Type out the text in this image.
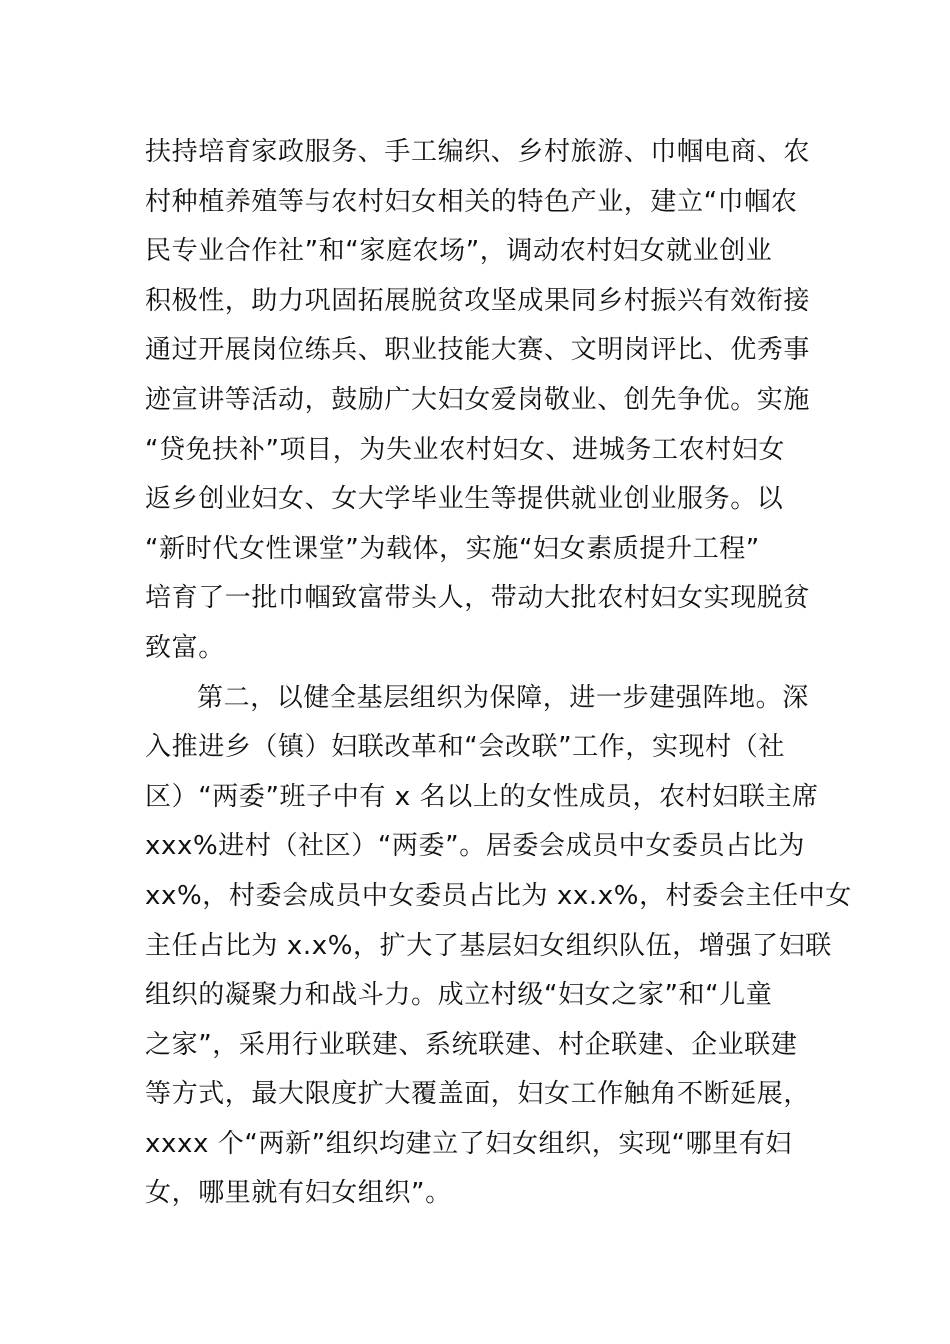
扶持培育家政服务、手工编织、乡村旅游、巾帼电商、农
村种植养殖等与农村妇女相关的特色产业，建立“巾帼农
民专业合作社”和“家庭农场”，调动农村妇女就业创业
积极性，助力巩固拓展脱贫攻坚成果同乡村振兴有效衔接
通过开展岗位练兵、职业技能大赛、文明岗评比、优秀事
迹宣讲等活动，鼓励广大妇女爱岗敬业、创先争优。实施
“贷免扶补”项目，为失业农村妇女、进城务工农村妇女
返乡创业妇女、女大学毕业生等提供就业创业服务。以
“新时代女性课堂”为载体，实施“妇女素质提升工程”
培育了一批巾帼致富带头人，带动大批农村妇女实现脱贫
致富。
第二，以健全基层组织为保障，进一步建强阵地。深
入推进乡（镇）妇联改革和“会改联”工作，实现村（社
区）“两委”班子中有 x 名以上的女性成员，农村妇联主席
xxx%进村（社区）“两委”。居委会成员中女委员占比为
xx%，村委会成员中女委员占比为 xx.x%，村委会主任中女
主任占比为 x.x%，扩大了基层妇女组织队伍，增强了妇联
组织的凝聚力和战斗力。成立村级“妇女之家”和“儿童
之家”，采用行业联建、系统联建、村企联建、企业联建
等方式，最大限度扩大覆盖面，妇女工作触角不断延展，
xxxx 个“两新”组织均建立了妇女组织，实现“哪里有妇
女，哪里就有妇女组织”。
